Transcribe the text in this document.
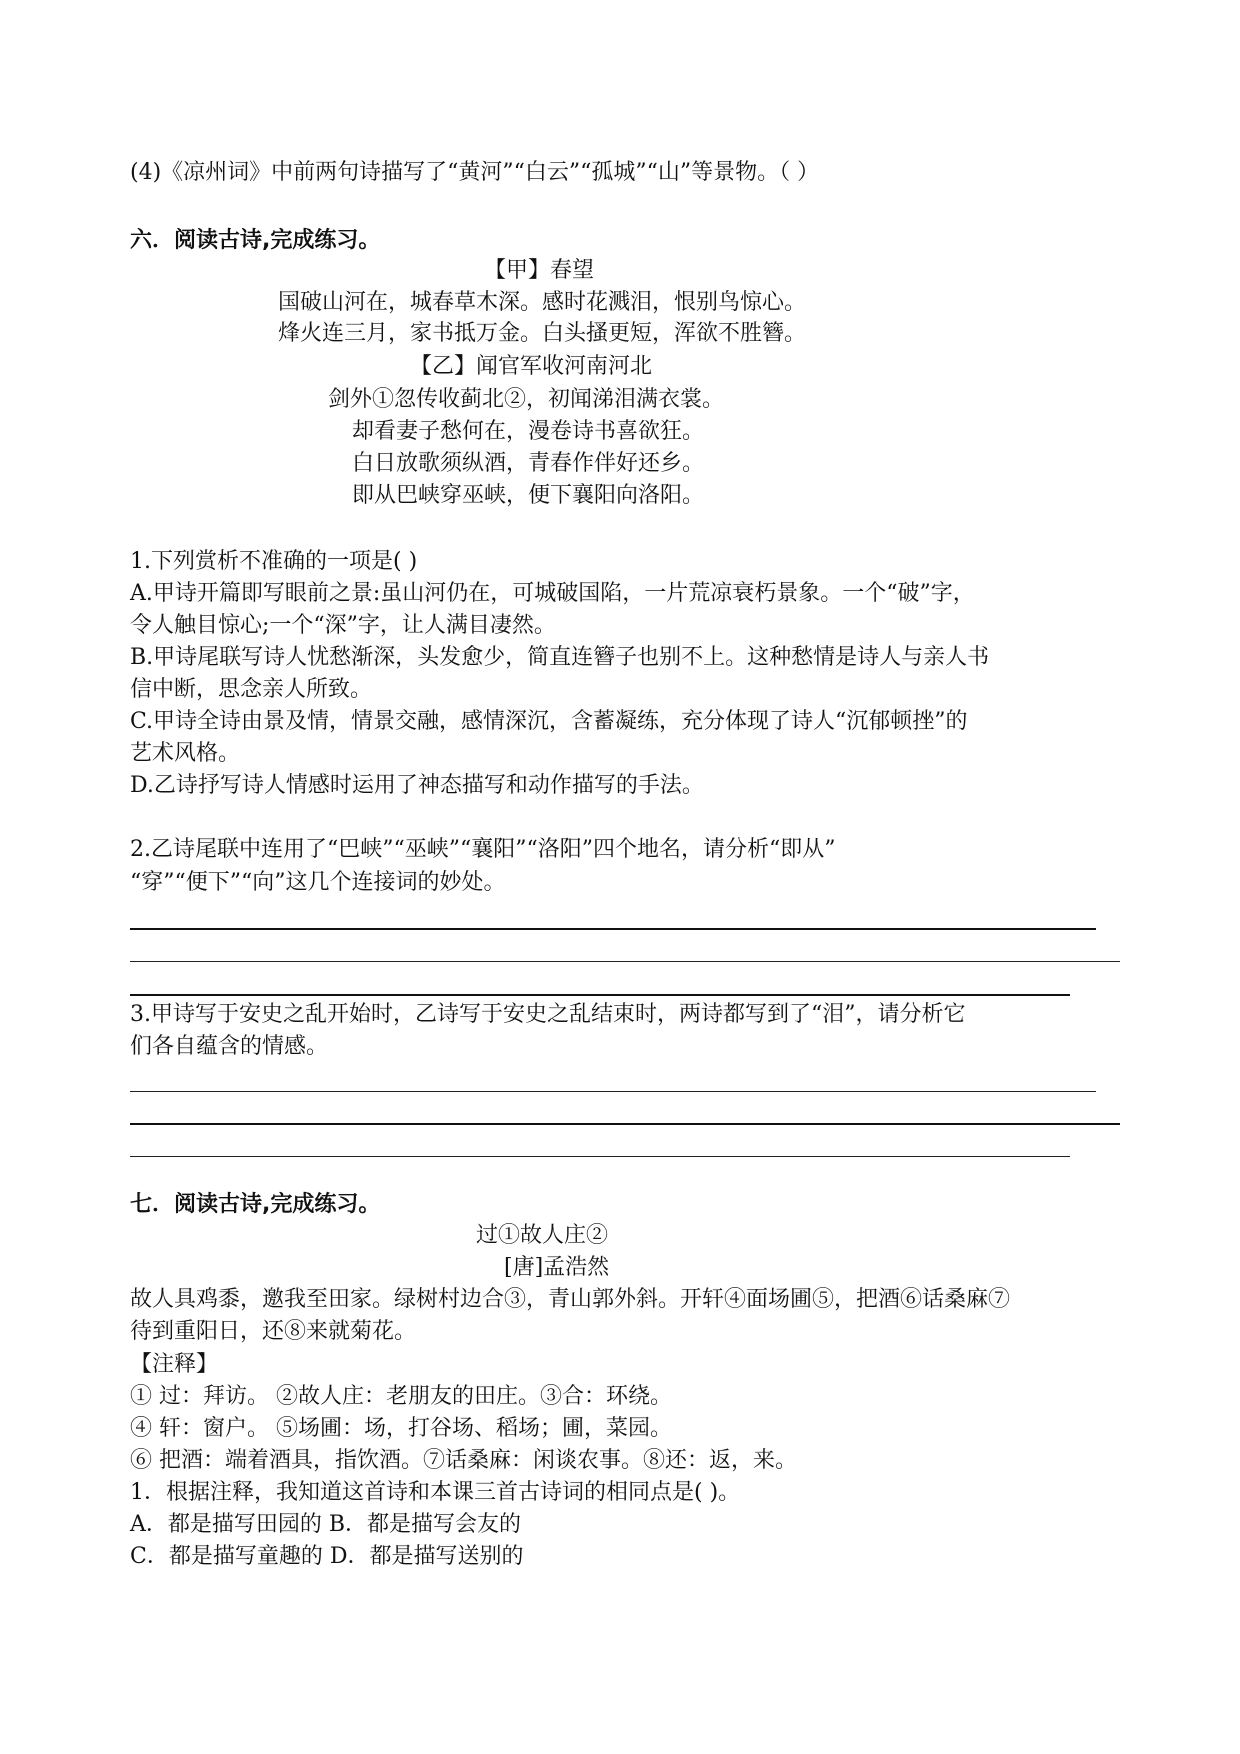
(4)《凉州词》中前两句诗描写了“黄河”“白云”“孤城”“山”等景物。（ ）
六．阅读古诗,完成练习。
【甲】春望
国破山河在，城春草木深。感时花溅泪，恨别鸟惊心。
烽火连三月，家书抵万金。白头搔更短，浑欲不胜簪。
【乙】闻官军收河南河北
剑外①忽传收蓟北②，初闻涕泪满衣裳。
却看妻子愁何在，漫卷诗书喜欲狂。
白日放歌须纵酒，青春作伴好还乡。
即从巴峡穿巫峡，便下襄阳向洛阳。
1.下列赏析不准确的一项是( )
A.甲诗开篇即写眼前之景:虽山河仍在，可城破国陷，一片荒凉衰朽景象。一个“破”字，
令人触目惊心;一个“深”字，让人满目凄然。
B.甲诗尾联写诗人忧愁渐深，头发愈少，简直连簪子也别不上。这种愁情是诗人与亲人书
信中断，思念亲人所致。
C.甲诗全诗由景及情，情景交融，感情深沉，含蓄凝练，充分体现了诗人“沉郁顿挫”的
艺术风格。
D.乙诗抒写诗人情感时运用了神态描写和动作描写的手法。
2.乙诗尾联中连用了“巴峡”“巫峡”“襄阳”“洛阳”四个地名，请分析“即从”
“穿”“便下”“向”这几个连接词的妙处。
3.甲诗写于安史之乱开始时，乙诗写于安史之乱结束时，两诗都写到了“泪”，请分析它
们各自蕴含的情感。
七．阅读古诗,完成练习。
过①故人庄②
[唐]孟浩然
故人具鸡黍，邀我至田家。绿树村边合③，青山郭外斜。开轩④面场圃⑤，把酒⑥话桑麻⑦
待到重阳日，还⑧来就菊花。
【注释】
① 过：拜访。 ②故人庄：老朋友的田庄。③合：环绕。
④ 轩：窗户。 ⑤场圃：场，打谷场、稻场；圃，菜园。
⑥ 把酒：端着酒具，指饮酒。⑦话桑麻：闲谈农事。⑧还：返，来。
1．根据注释，我知道这首诗和本课三首古诗词的相同点是( )。
A．都是描写田园的 B．都是描写会友的
C．都是描写童趣的 D．都是描写送别的
